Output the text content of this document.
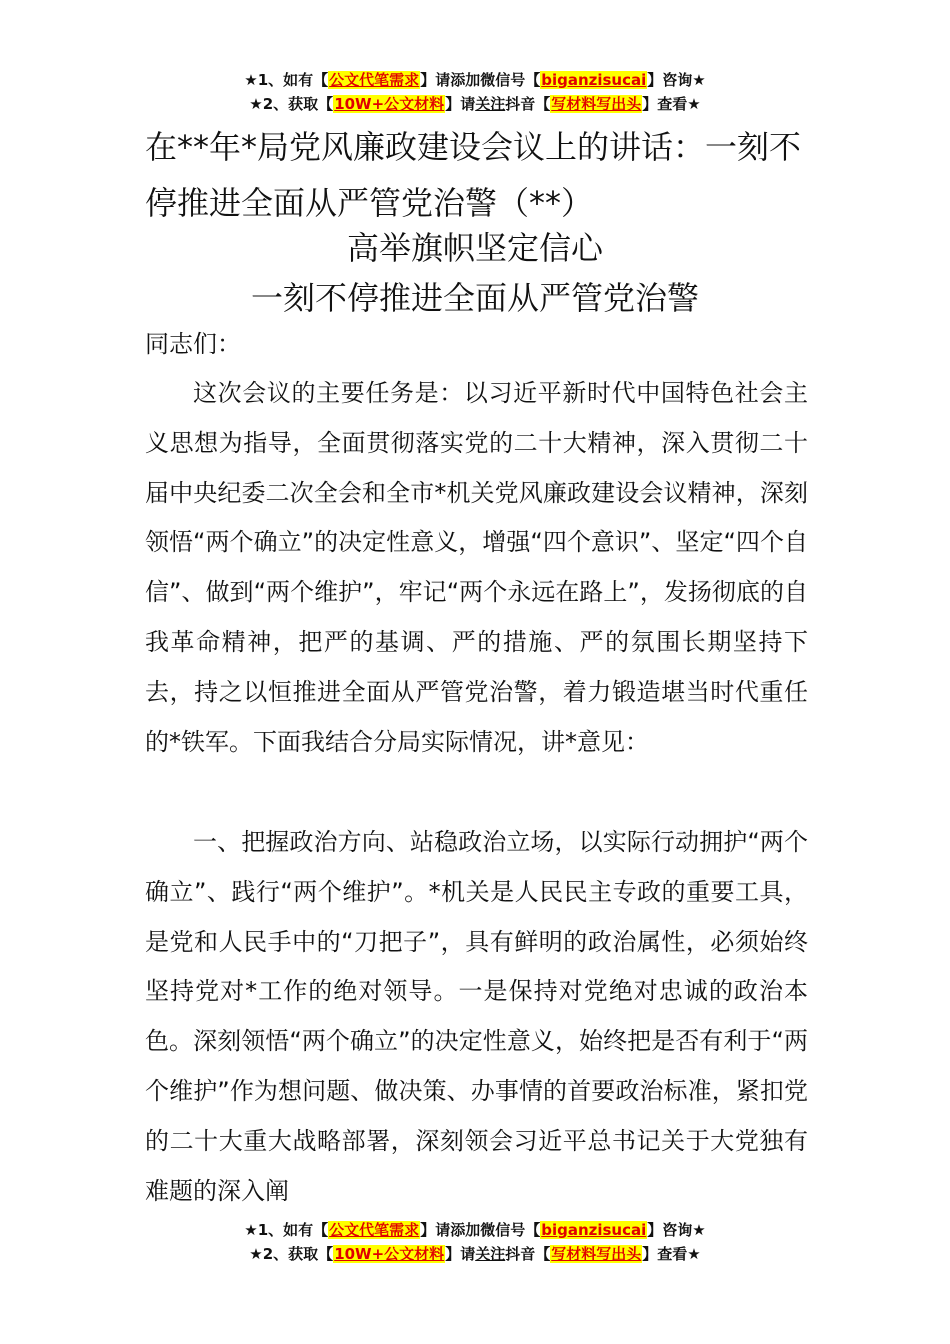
★1、如有【公文代笔需求】请添加微信号【biganzisucai】咨询★
★2、获取【10W+公文材料】请关注抖音【写材料写出头】查看★
在**年*局党风廉政建设会议上的讲话：一刻不停推进全面从严管党治警（**）
高举旗帜坚定信心
一刻不停推进全面从严管党治警

同志们：

这次会议的主要任务是：以习近平新时代中国特色社会主义思想为指导，全面贯彻落实党的二十大精神，深入贯彻二十届中央纪委二次全会和全市*机关党风廉政建设会议精神，深刻领悟“两个确立”的决定性意义，增强“四个意识”、坚定“四个自信”、做到“两个维护”，牢记“两个永远在路上”，发扬彻底的自我革命精神，把严的基调、严的措施、严的氛围长期坚持下去，持之以恒推进全面从严管党治警，着力锻造堪当时代重任的*铁军。下面我结合分局实际情况，讲*意见：

一、把握政治方向、站稳政治立场，以实际行动拥护“两个确立”、践行“两个维护”。*机关是人民民主专政的重要工具，是党和人民手中的“刀把子”，具有鲜明的政治属性，必须始终坚持党对*工作的绝对领导。一是保持对党绝对忠诚的政治本色。深刻领悟“两个确立”的决定性意义，始终把是否有利于“两个维护”作为想问题、做决策、办事情的首要政治标准，紧扣党的二十大重大战略部署，深刻领会习近平总书记关于大党独有难题的深入阐

★1、如有【公文代笔需求】请添加微信号【biganzisucai】咨询★
★2、获取【10W+公文材料】请关注抖音【写材料写出头】查看★
